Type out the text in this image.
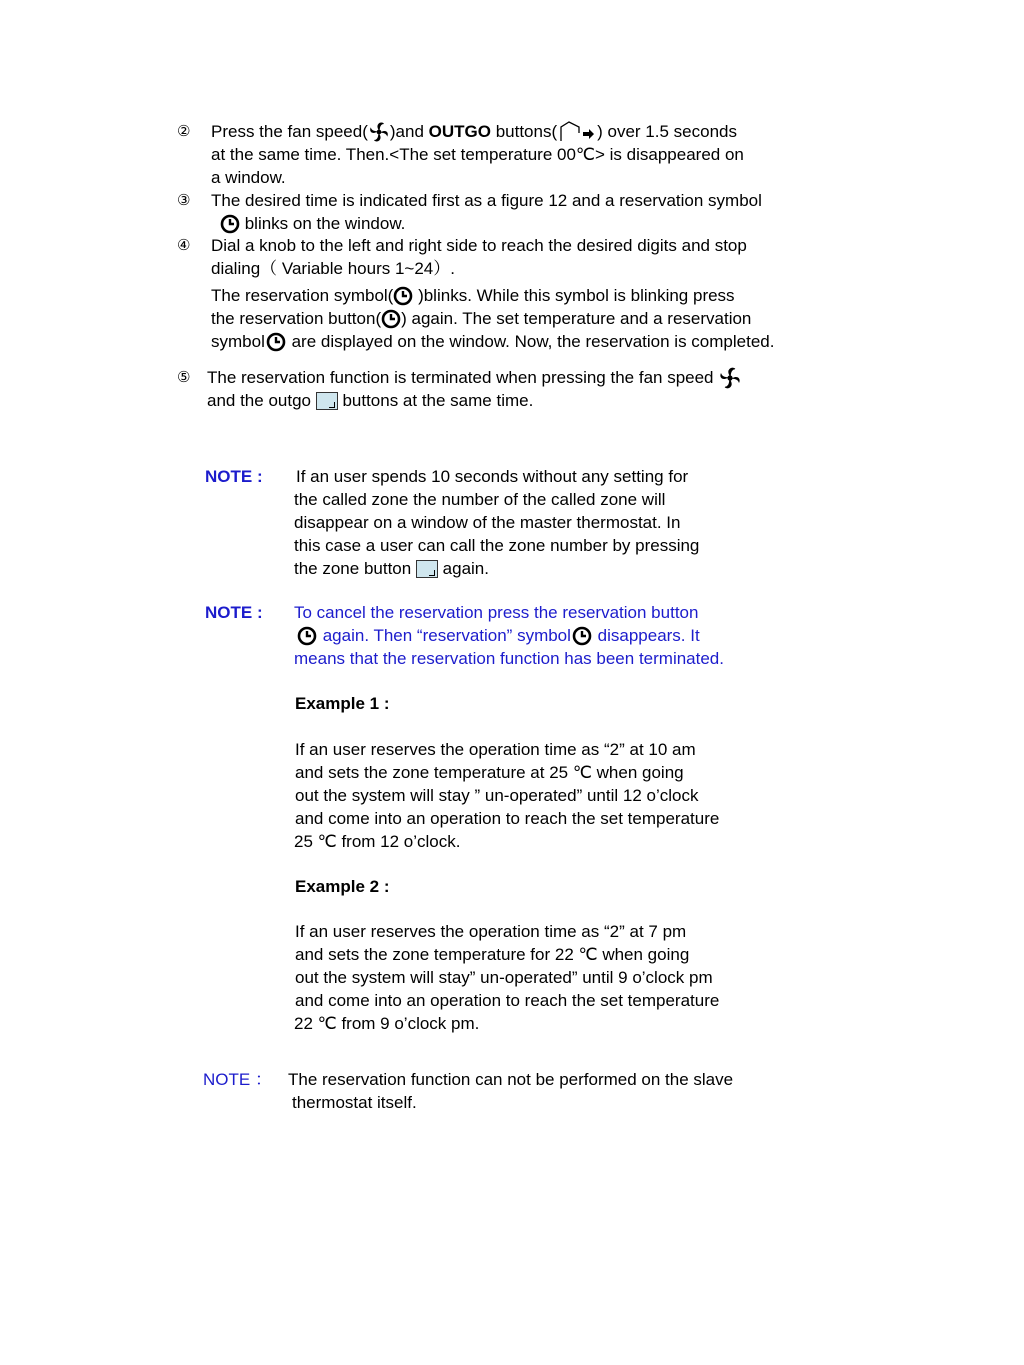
② Press the fan speed( )and OUTGO buttons( ) over 1.5 seconds
at the same time. Then.<The set temperature 00℃> is disappeared on
a window.
③ The desired time is indicated first as a figure 12 and a reservation symbol
blinks on the window.
④ Dial a knob to the left and right side to reach the desired digits and stop
dialing（ Variable hours 1~24）.
The reservation symbol( )blinks. While this symbol is blinking press
the reservation button( ) again. The set temperature and a reservation
symbol are displayed on the window. Now, the reservation is completed.
⑤ The reservation function is terminated when pressing the fan speed
and the outgo  buttons at the same time.
NOTE : If an user spends 10 seconds without any setting for
the called zone the number of the called zone will
disappear on a window of the master thermostat. In
this case a user can call the zone number by pressing
the zone button  again.
NOTE : To cancel the reservation press the reservation button
again. Then “reservation” symbol disappears. It
means that the reservation function has been terminated.
Example 1 :
If an user reserves the operation time as “2” at 10 am
and sets the zone temperature at 25 ℃ when going
out the system will stay ” un-operated” until 12 o’clock
and come into an operation to reach the set temperature
25 ℃ from 12 o’clock.
Example 2 :
If an user reserves the operation time as “2” at 7 pm
and sets the zone temperature for 22 ℃ when going
out the system will stay” un-operated” until 9 o’clock pm
and come into an operation to reach the set temperature
22 ℃ from 9 o’clock pm.
NOTE ： The reservation function can not be performed on the slave
thermostat itself.
